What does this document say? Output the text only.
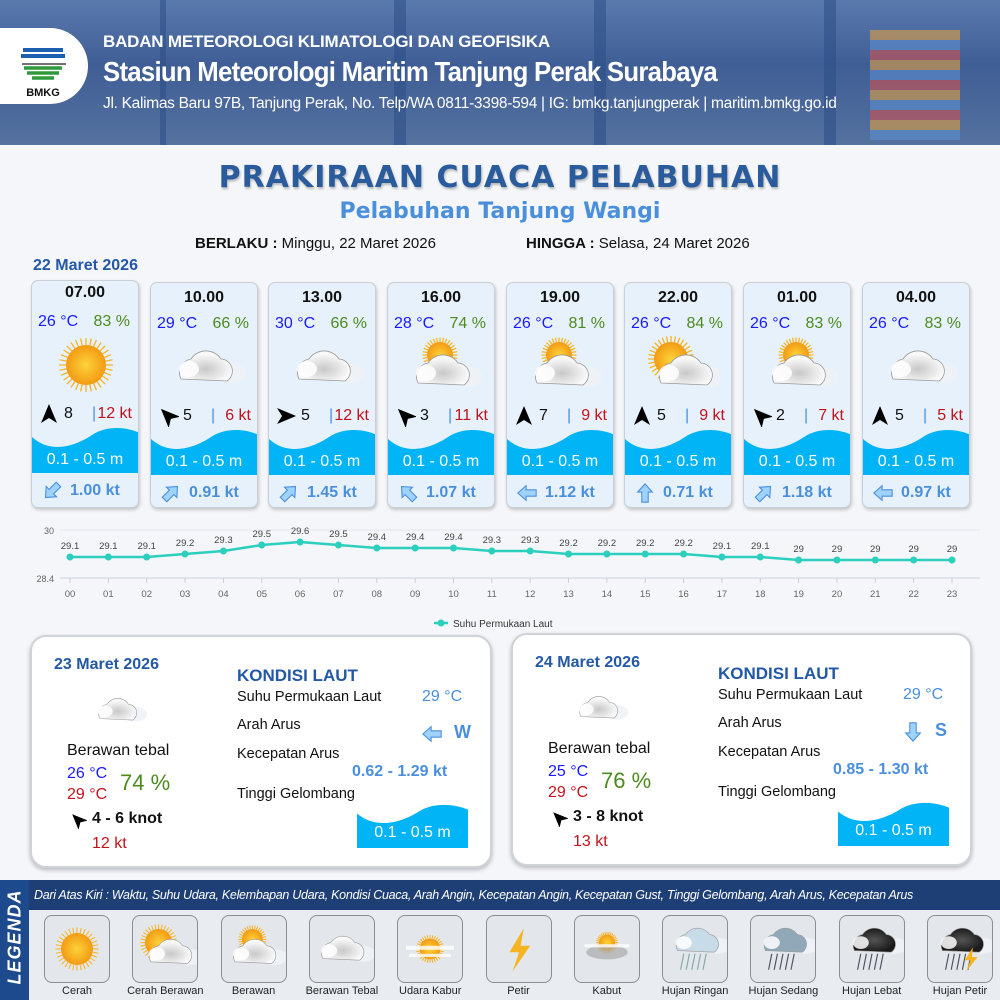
BMKG
BADAN METEOROLOGI KLIMATOLOGI DAN GEOFISIKA
Stasiun Meteorologi Maritim Tanjung Perak Surabaya
Jl. Kalimas Baru 97B, Tanjung Perak, No. Telp/WA 0811-3398-594 | IG: bmkg.tanjungperak | maritim.bmkg.go.id
PRAKIRAAN CUACA PELABUHAN
Pelabuhan Tanjung Wangi
BERLAKU : Minggu, 22 Maret 2026	HINGGA : Selasa, 24 Maret 2026
22 Maret 2026
07.00
26 °C 83 %
8 | 12 kt
0.1 - 0.5 m
1.00 kt
10.00
29 °C 66 %
5 | 6 kt
0.1 - 0.5 m
0.91 kt
13.00
30 °C 66 %
5 | 12 kt
0.1 - 0.5 m
1.45 kt
16.00
28 °C 74 %
3 | 11 kt
0.1 - 0.5 m
1.07 kt
19.00
26 °C 81 %
7 | 9 kt
0.1 - 0.5 m
1.12 kt
22.00
26 °C 84 %
5 | 9 kt
0.1 - 0.5 m
0.71 kt
01.00
26 °C 83 %
2 | 7 kt
0.1 - 0.5 m
1.18 kt
04.00
26 °C 83 %
5 | 5 kt
0.1 - 0.5 m
0.97 kt
30
28.4
00
29.1
01
29.1
02
29.1
03
29.2
04
29.3
05
29.5
06
29.6
07
29.5
08
29.4
09
29.4
10
29.4
11
29.3
12
29.3
13
29.2
14
29.2
15
29.2
16
29.2
17
29.1
18
29.1
19
29
20
29
21
29
22
29
23
29
Suhu Permukaan Laut
23 Maret 2026
Berawan tebal
26 °C
29 °C 74 %
4 - 6 knot
12 kt
KONDISI LAUT
Suhu Permukaan Laut	29 °C
Arah Arus	W
Kecepatan Arus
0.62 - 1.29 kt
Tinggi Gelombang
0.1 - 0.5 m
24 Maret 2026
Berawan tebal
25 °C
29 °C 76 %
3 - 8 knot
13 kt
KONDISI LAUT
Suhu Permukaan Laut	29 °C
Arah Arus	S
Kecepatan Arus
0.85 - 1.30 kt
Tinggi Gelombang
0.1 - 0.5 m
LEGENDA Dari Atas Kiri : Waktu, Suhu Udara, Kelembapan Udara, Kondisi Cuaca, Arah Angin, Kecepatan Angin, Kecepatan Gust, Tinggi Gelombang, Arah Arus, Kecepatan Arus
Cerah	Cerah Berawan	Berawan	Berawan Tebal	Udara Kabur	Petir	Kabut	Hujan Ringan	Hujan Sedang	Hujan Lebat	Hujan Petir
